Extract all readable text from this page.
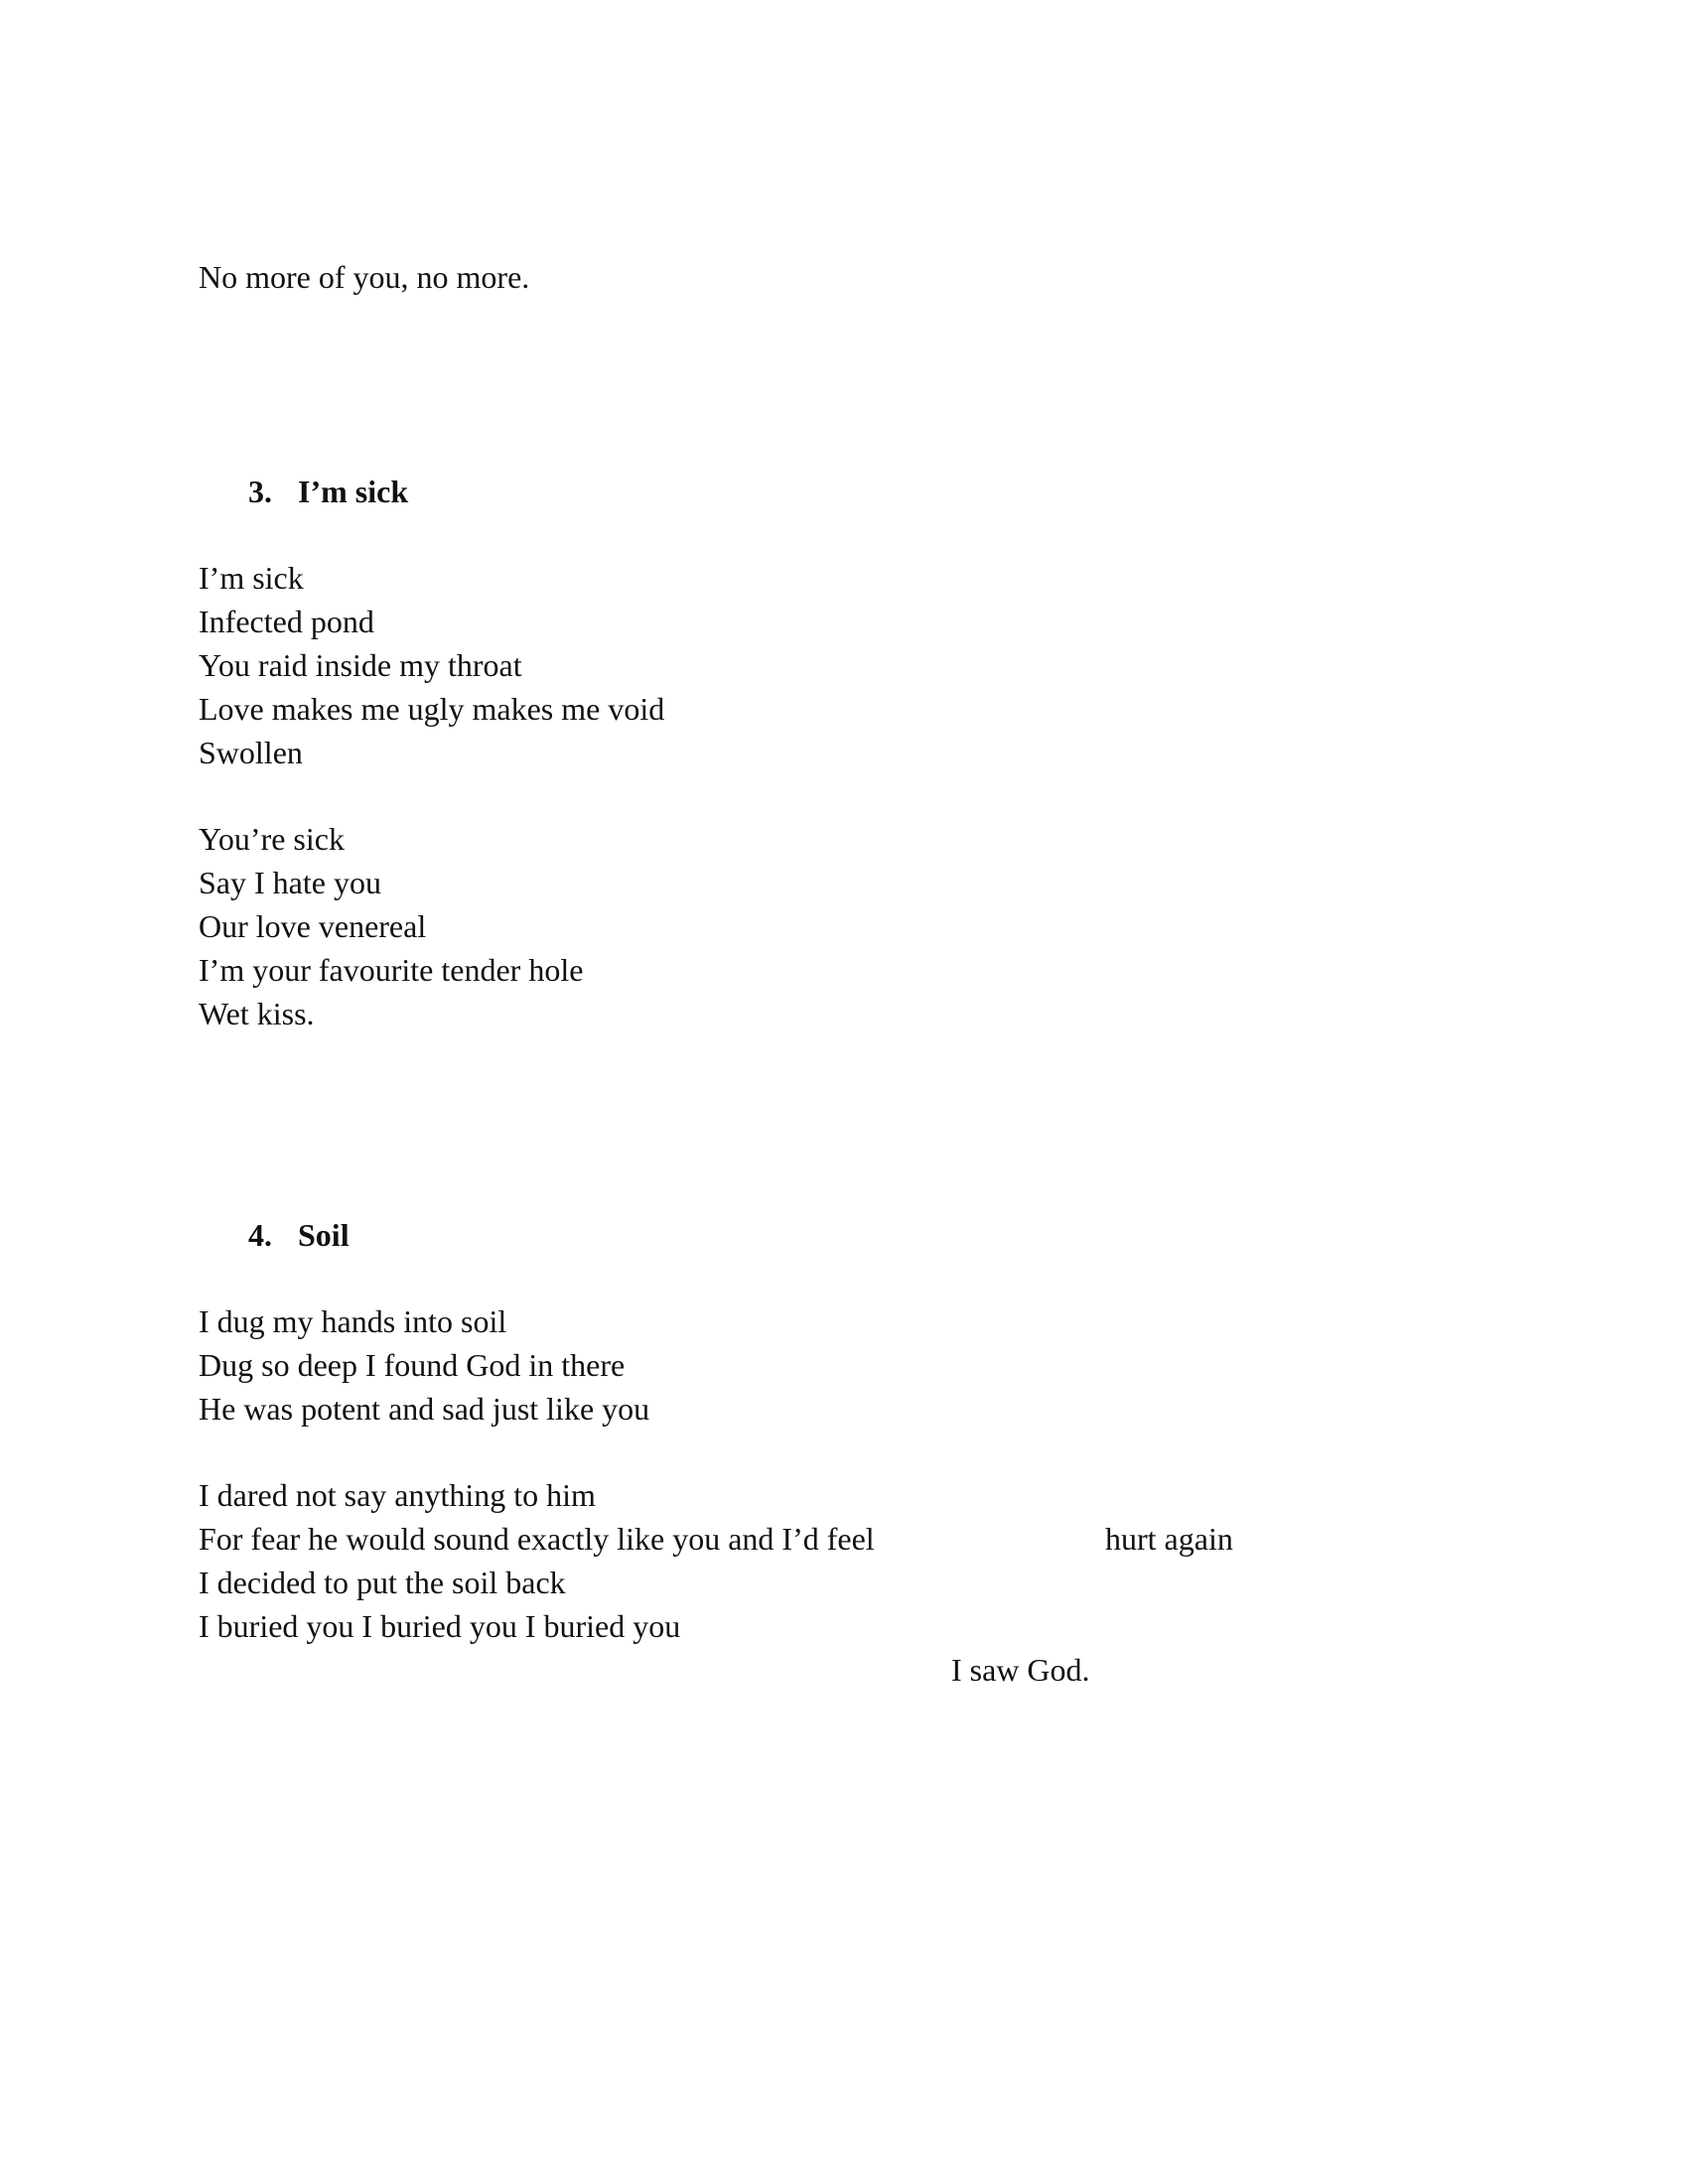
No more of you, no more.
3. I’m sick
I’m sick
Infected pond
You raid inside my throat
Love makes me ugly makes me void
Swollen
You’re sick
Say I hate you
Our love venereal
I’m your favourite tender hole
Wet kiss.
4. Soil
I dug my hands into soil
Dug so deep I found God in there
He was potent and sad just like you
I dared not say anything to him
For fear he would sound exactly like you and I’d feel	hurt again
I decided to put the soil back
I buried you I buried you I buried you
I saw God.
